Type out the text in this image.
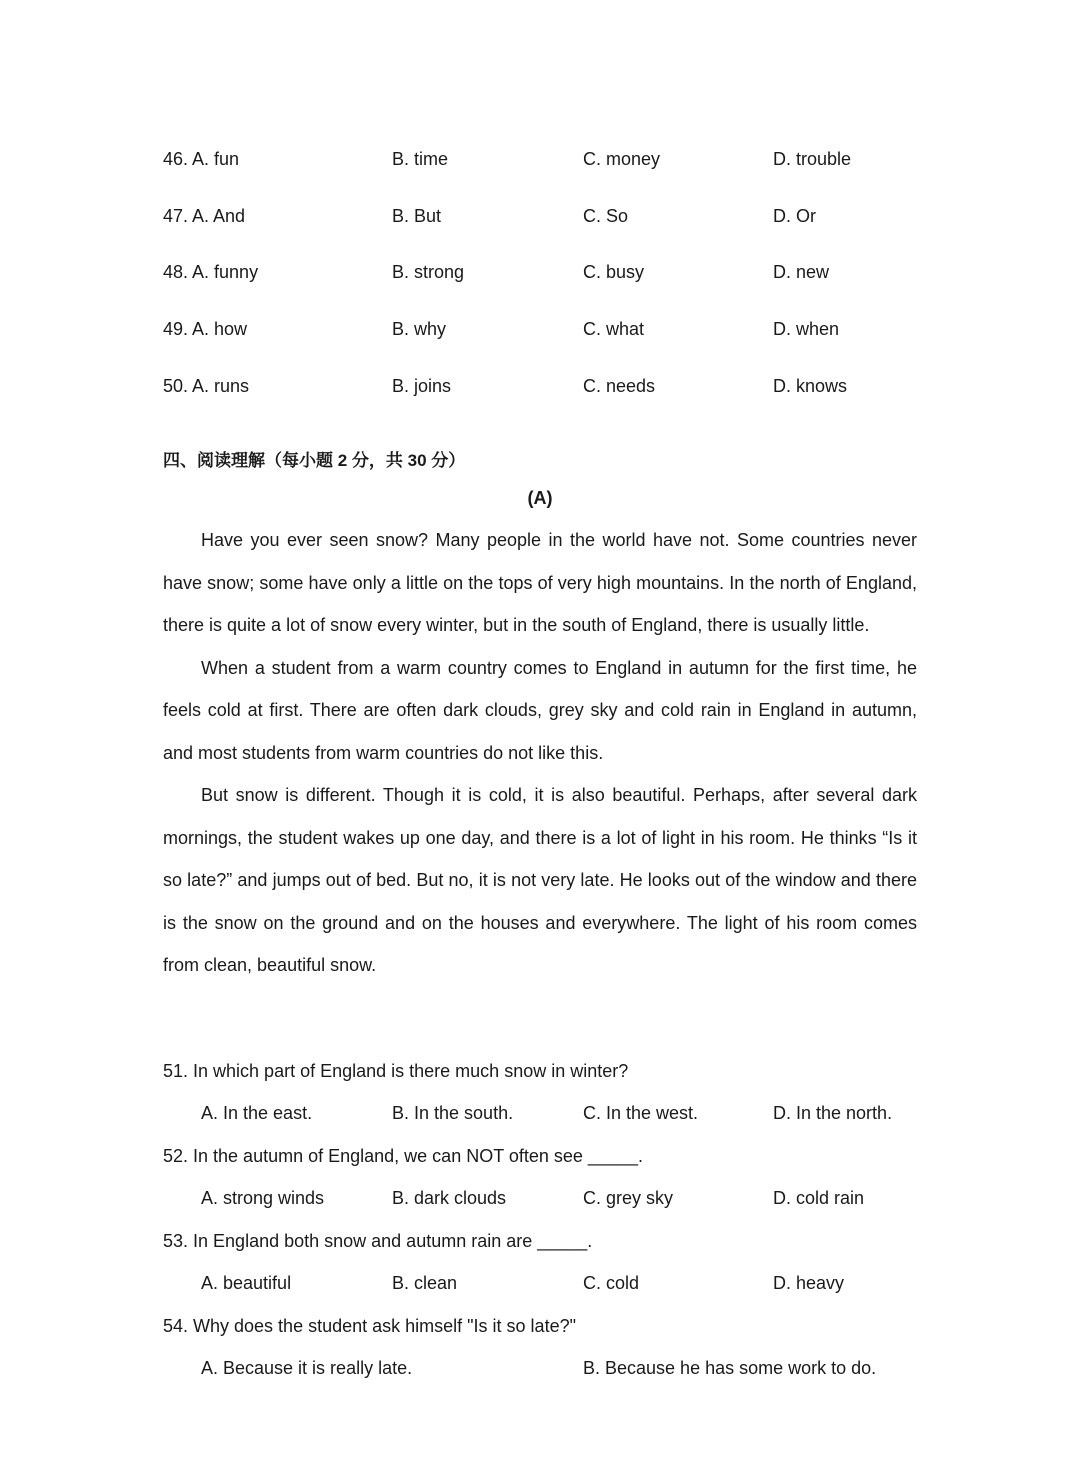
46. A. fun	B. time	C. money	D. trouble
47. A. And	B. But	C. So	D. Or
48. A. funny	B. strong	C. busy	D. new
49. A. how	B. why	C. what	D. when
50. A. runs	B. joins	C. needs	D. knows
四、阅读理解（每小题 2 分，共 30 分）
(A)

Have you ever seen snow? Many people in the world have not. Some countries never have snow; some have only a little on the tops of very high mountains. In the north of England, there is quite a lot of snow every winter, but in the south of England, there is usually little.

When a student from a warm country comes to England in autumn for the first time, he feels cold at first. There are often dark clouds, grey sky and cold rain in England in autumn, and most students from warm countries do not like this.

But snow is different. Though it is cold, it is also beautiful. Perhaps, after several dark mornings, the student wakes up one day, and there is a lot of light in his room. He thinks “Is it so late?” and jumps out of bed. But no, it is not very late. He looks out of the window and there is the snow on the ground and on the houses and everywhere. The light of his room comes from clean, beautiful snow.

51. In which part of England is there much snow in winter?
A. In the east.	B. In the south.	C. In the west.	D. In the north.
52. In the autumn of England, we can NOT often see _____.
A. strong winds	B. dark clouds	C. grey sky	D. cold rain
53. In England both snow and autumn rain are _____.
A. beautiful	B. clean	C. cold	D. heavy
54. Why does the student ask himself "Is it so late?"
A. Because it is really late.	B. Because he has some work to do.
